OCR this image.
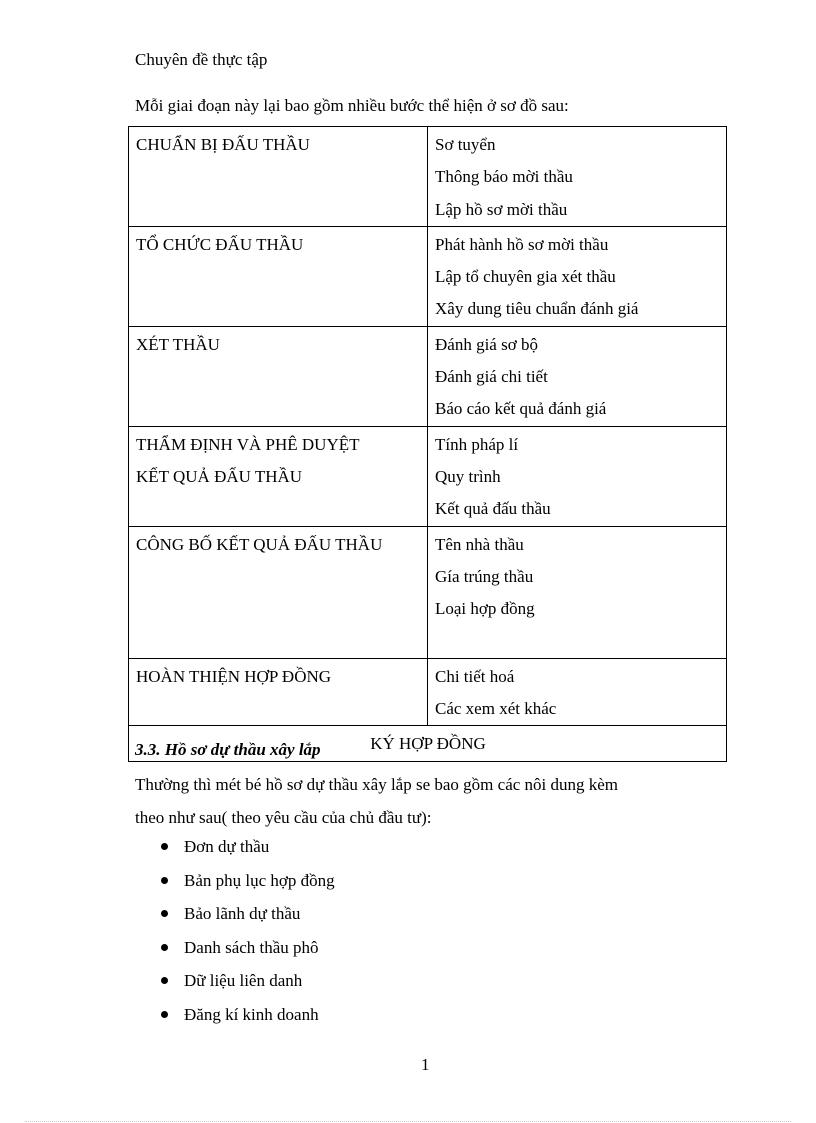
Chuyên đề thực tập
Mỗi giai đoạn này lại bao gồm nhiều bước thể hiện ở sơ đồ sau:
CHUẨN BỊ ĐẤU THẦU	Sơ tuyển
Thông báo mời thầu
Lập hồ sơ mời thầu

TỔ CHỨC ĐẤU THẦU	Phát hành hồ sơ mời thầu
Lập tổ chuyên gia xét thầu
Xây dung tiêu chuẩn đánh giá

XÉT THẦU	Đánh giá sơ bộ
Đánh giá chi tiết
Báo cáo kết quả đánh giá

THẨM ĐỊNH VÀ PHÊ DUYỆT
KẾT QUẢ ĐẤU THẦU	Tính pháp lí
Quy trình
Kết quả đấu thầu

CÔNG BỐ KẾT QUẢ ĐẤU THẦU	Tên nhà thầu
Gía trúng thầu
Loại hợp đồng

HOÀN THIỆN HỢP ĐỒNG	Chi tiết hoá
Các xem xét khác

KÝ HỢP ĐỒNG	
3.3. Hồ sơ dự thầu xây lắp
Thường thì mét bé hồ sơ dự thầu xây lắp se bao gồm các nôi dung kèm
theo như sau( theo yêu cầu của chủ đầu tư):
Đơn dự thầu
Bản phụ lục hợp đồng
Bảo lãnh dự thầu
Danh sách thầu phô
Dữ liệu liên danh
Đăng kí kinh doanh
1
